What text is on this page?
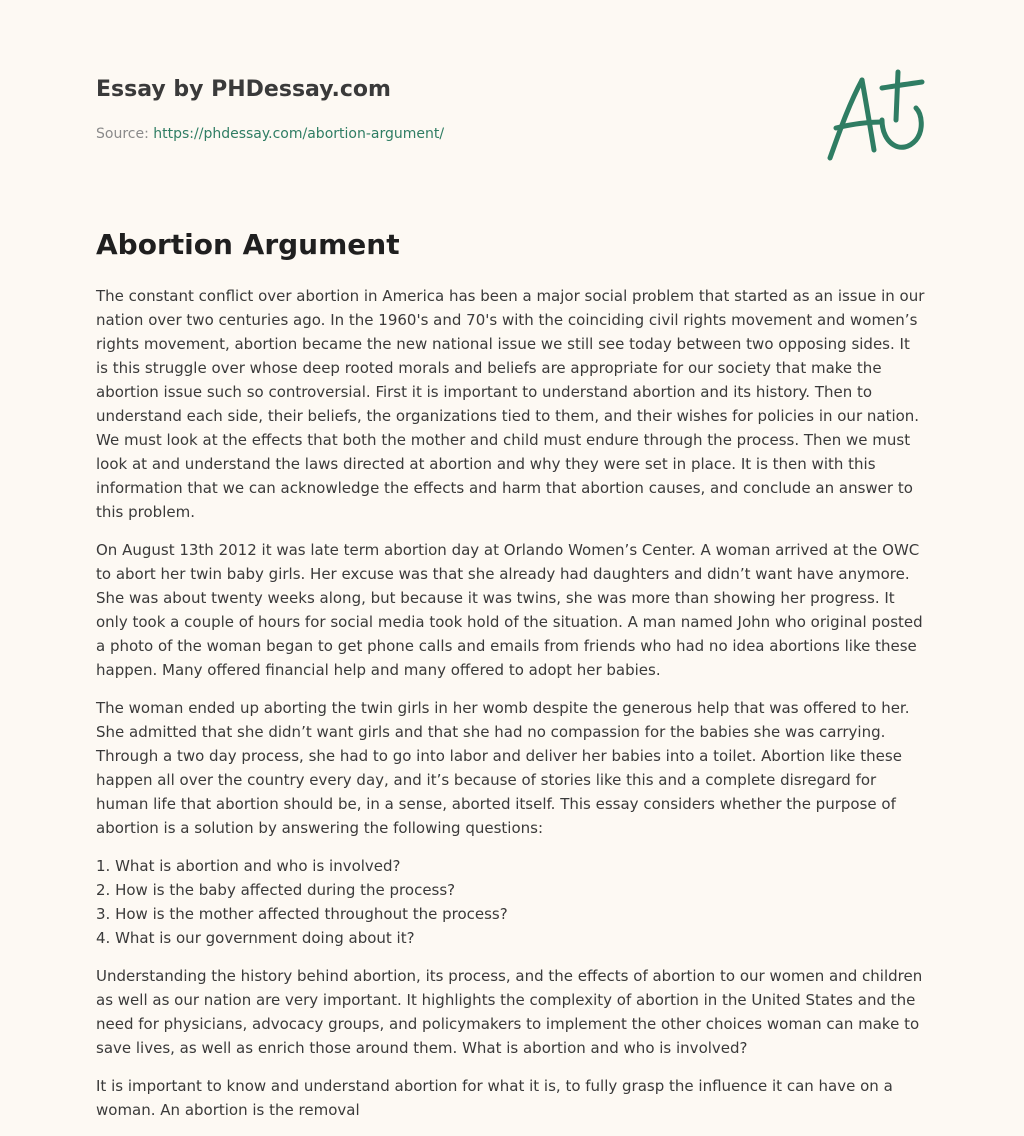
Essay by PHDessay.com
Source: https://phdessay.com/abortion-argument/
Abortion Argument

The constant conflict over abortion in America has been a major social problem that started as an issue in our nation over two centuries ago. In the 1960's and 70's with the coinciding civil rights movement and women’s rights movement, abortion became the new national issue we still see today between two opposing sides. It is this struggle over whose deep rooted morals and beliefs are appropriate for our society that make the abortion issue such so controversial. First it is important to understand abortion and its history. Then to understand each side, their beliefs, the organizations tied to them, and their wishes for policies in our nation. We must look at the effects that both the mother and child must endure through the process. Then we must look at and understand the laws directed at abortion and why they were set in place. It is then with this information that we can acknowledge the effects and harm that abortion causes, and conclude an answer to this problem.

On August 13th 2012 it was late term abortion day at Orlando Women’s Center. A woman arrived at the OWC to abort her twin baby girls. Her excuse was that she already had daughters and didn’t want have anymore. She was about twenty weeks along, but because it was twins, she was more than showing her progress. It only took a couple of hours for social media took hold of the situation. A man named John who original posted a photo of the woman began to get phone calls and emails from friends who had no idea abortions like these happen. Many offered financial help and many offered to adopt her babies.

The woman ended up aborting the twin girls in her womb despite the generous help that was offered to her. She admitted that she didn’t want girls and that she had no compassion for the babies she was carrying. Through a two day process, she had to go into labor and deliver her babies into a toilet. Abortion like these happen all over the country every day, and it’s because of stories like this and a complete disregard for human life that abortion should be, in a sense, aborted itself. This essay considers whether the purpose of abortion is a solution by answering the following questions:

1. What is abortion and who is involved?
2. How is the baby affected during the process?
3. How is the mother affected throughout the process?
4. What is our government doing about it?

Understanding the history behind abortion, its process, and the effects of abortion to our women and children as well as our nation are very important. It highlights the complexity of abortion in the United States and the need for physicians, advocacy groups, and policymakers to implement the other choices woman can make to save lives, as well as enrich those around them. What is abortion and who is involved?

It is important to know and understand abortion for what it is, to fully grasp the influence it can have on a woman. An abortion is the removal
